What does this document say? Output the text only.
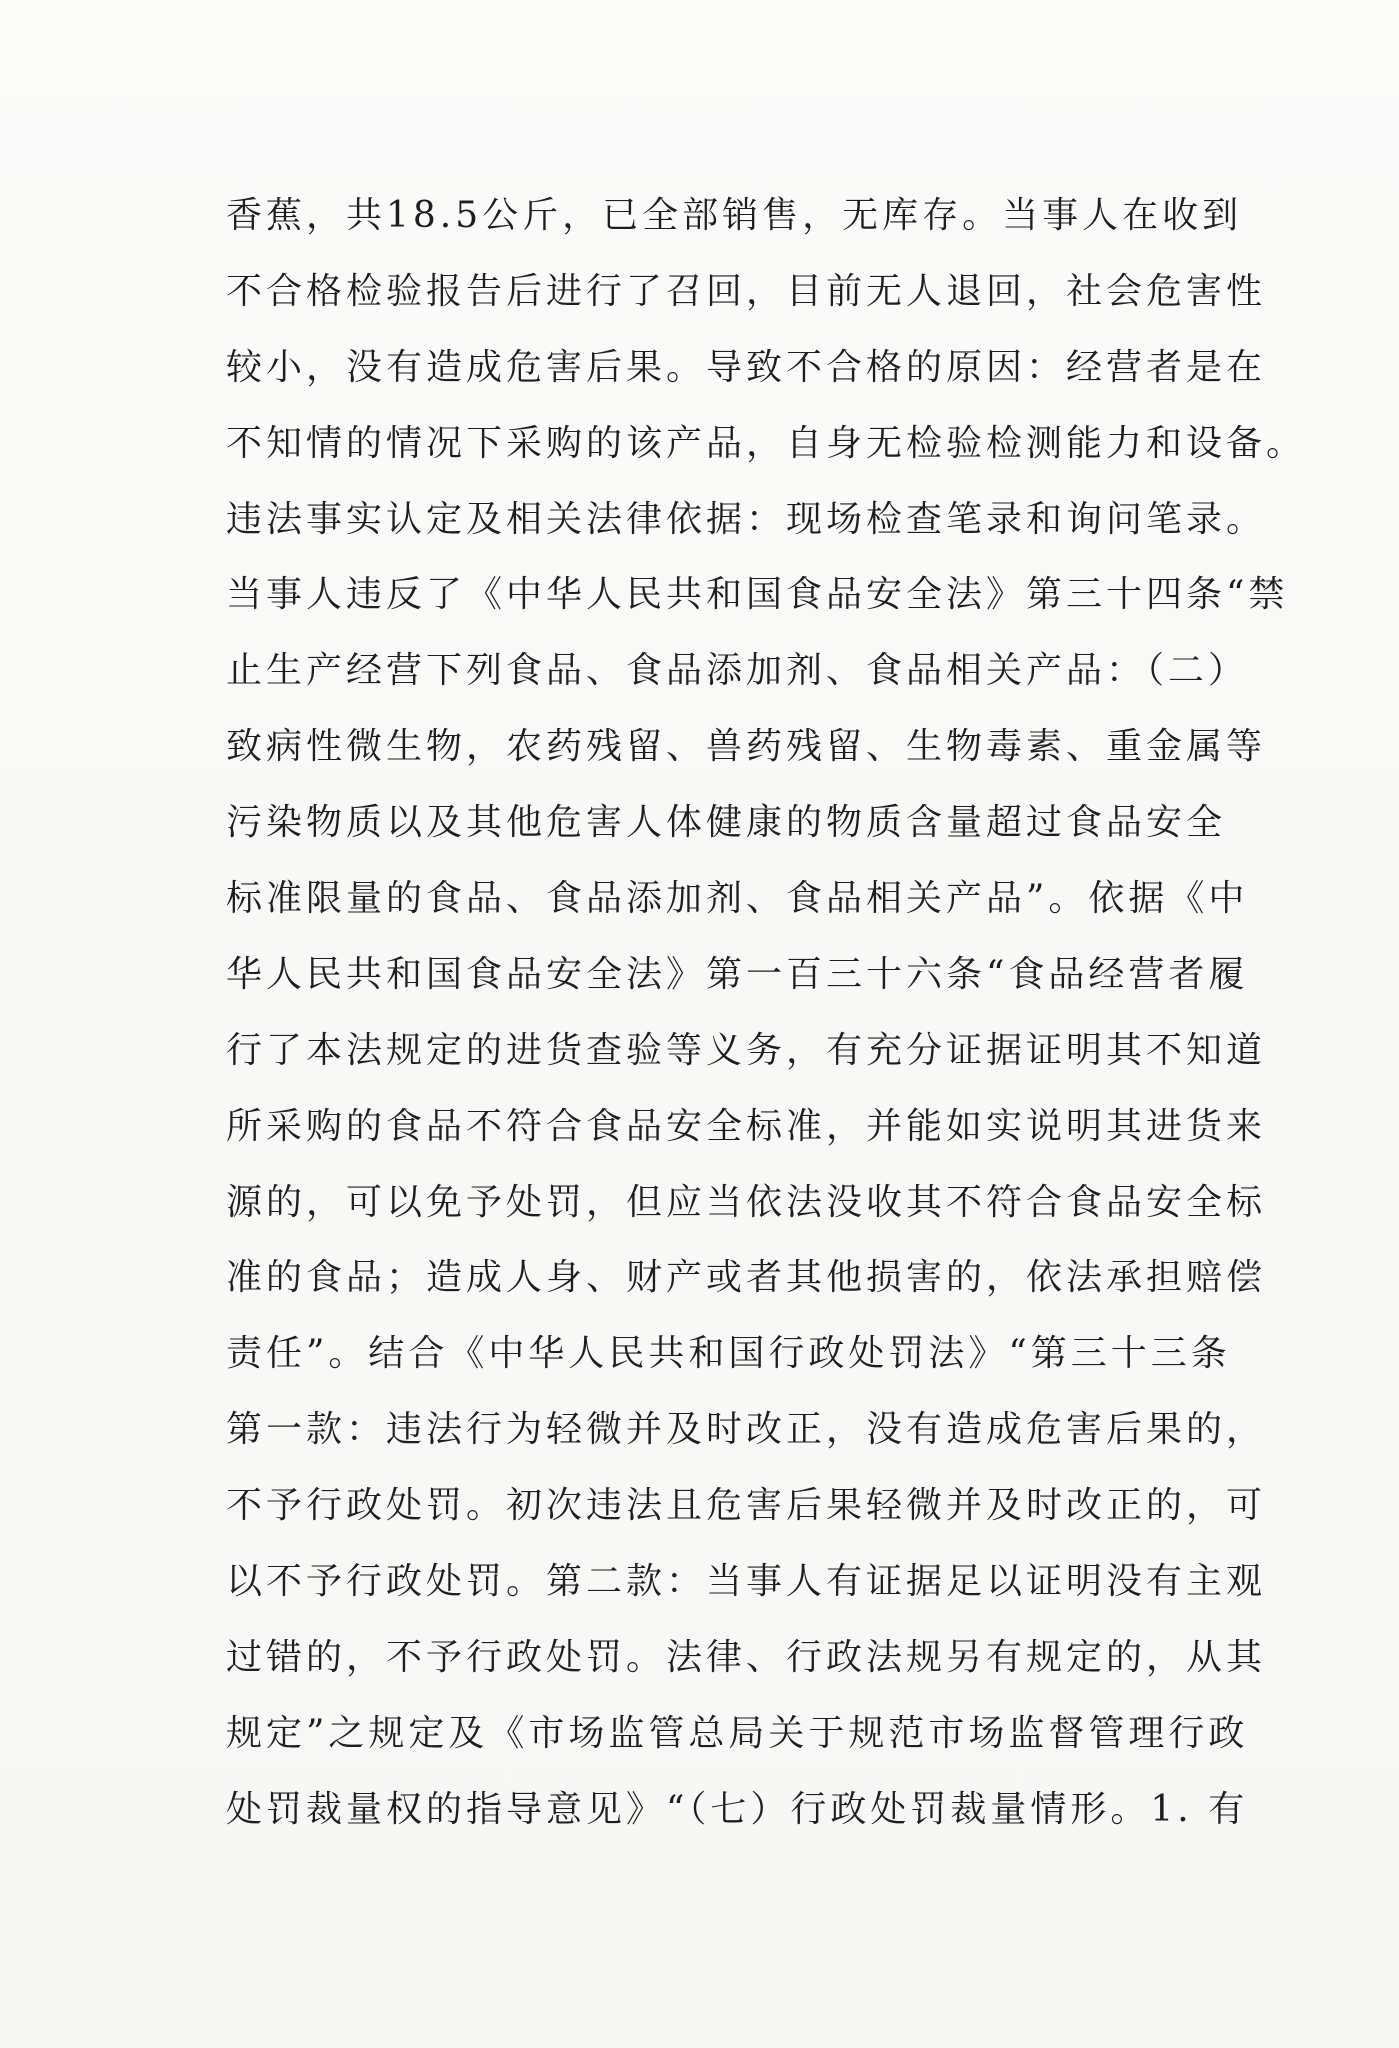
香蕉，共18.5公斤，已全部销售，无库存。当事人在收到
不合格检验报告后进行了召回，目前无人退回，社会危害性
较小，没有造成危害后果。导致不合格的原因：经营者是在
不知情的情况下采购的该产品，自身无检验检测能力和设备。
违法事实认定及相关法律依据：现场检查笔录和询问笔录。
当事人违反了《中华人民共和国食品安全法》第三十四条“禁
止生产经营下列食品、食品添加剂、食品相关产品：（二）
致病性微生物，农药残留、兽药残留、生物毒素、重金属等
污染物质以及其他危害人体健康的物质含量超过食品安全
标准限量的食品、食品添加剂、食品相关产品”。依据《中
华人民共和国食品安全法》第一百三十六条“食品经营者履
行了本法规定的进货查验等义务，有充分证据证明其不知道
所采购的食品不符合食品安全标准，并能如实说明其进货来
源的，可以免予处罚，但应当依法没收其不符合食品安全标
准的食品；造成人身、财产或者其他损害的，依法承担赔偿
责任”。结合《中华人民共和国行政处罚法》“第三十三条
第一款：违法行为轻微并及时改正，没有造成危害后果的，
不予行政处罚。初次违法且危害后果轻微并及时改正的，可
以不予行政处罚。第二款：当事人有证据足以证明没有主观
过错的，不予行政处罚。法律、行政法规另有规定的，从其
规定”之规定及《市场监管总局关于规范市场监督管理行政
处罚裁量权的指导意见》“（七）行政处罚裁量情形。1. 有
